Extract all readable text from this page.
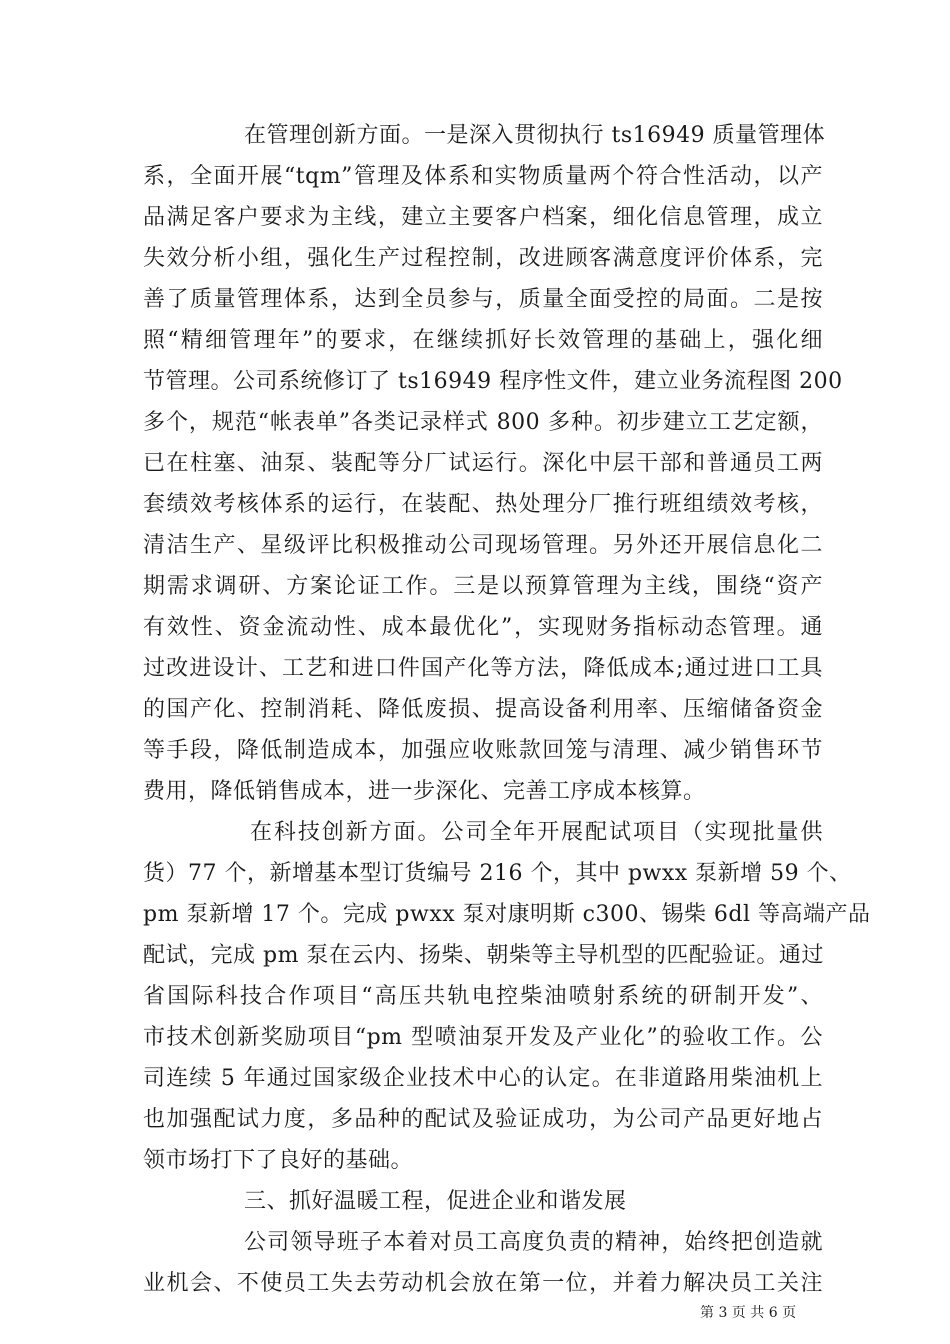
在管理创新方面。一是深入贯彻执行 ts16949 质量管理体
系，全面开展“tqm”管理及体系和实物质量两个符合性活动，以产
品满足客户要求为主线，建立主要客户档案，细化信息管理，成立
失效分析小组，强化生产过程控制，改进顾客满意度评价体系，完
善了质量管理体系，达到全员参与，质量全面受控的局面。二是按
照“精细管理年”的要求，在继续抓好长效管理的基础上，强化细
节管理。公司系统修订了 ts16949 程序性文件，建立业务流程图 200
多个，规范“帐表单”各类记录样式 800 多种。初步建立工艺定额，
已在柱塞、油泵、装配等分厂试运行。深化中层干部和普通员工两
套绩效考核体系的运行，在装配、热处理分厂推行班组绩效考核，
清洁生产、星级评比积极推动公司现场管理。另外还开展信息化二
期需求调研、方案论证工作。三是以预算管理为主线，围绕“资产
有效性、资金流动性、成本最优化”，实现财务指标动态管理。通
过改进设计、工艺和进口件国产化等方法，降低成本;通过进口工具
的国产化、控制消耗、降低废损、提高设备利用率、压缩储备资金
等手段，降低制造成本，加强应收账款回笼与清理、减少销售环节
费用，降低销售成本，进一步深化、完善工序成本核算。
在科技创新方面。公司全年开展配试项目（实现批量供
货）77 个，新增基本型订货编号 216 个，其中 pwxx 泵新增 59 个、
pm 泵新增 17 个。完成 pwxx 泵对康明斯 c300、锡柴 6dl 等高端产品
配试，完成 pm 泵在云内、扬柴、朝柴等主导机型的匹配验证。通过
省国际科技合作项目“高压共轨电控柴油喷射系统的研制开发”、
市技术创新奖励项目“pm 型喷油泵开发及产业化”的验收工作。公
司连续 5 年通过国家级企业技术中心的认定。在非道路用柴油机上
也加强配试力度，多品种的配试及验证成功，为公司产品更好地占
领市场打下了良好的基础。
三、抓好温暖工程，促进企业和谐发展
公司领导班子本着对员工高度负责的精神，始终把创造就
业机会、不使员工失去劳动机会放在第一位，并着力解决员工关注
第 3 页 共 6 页
